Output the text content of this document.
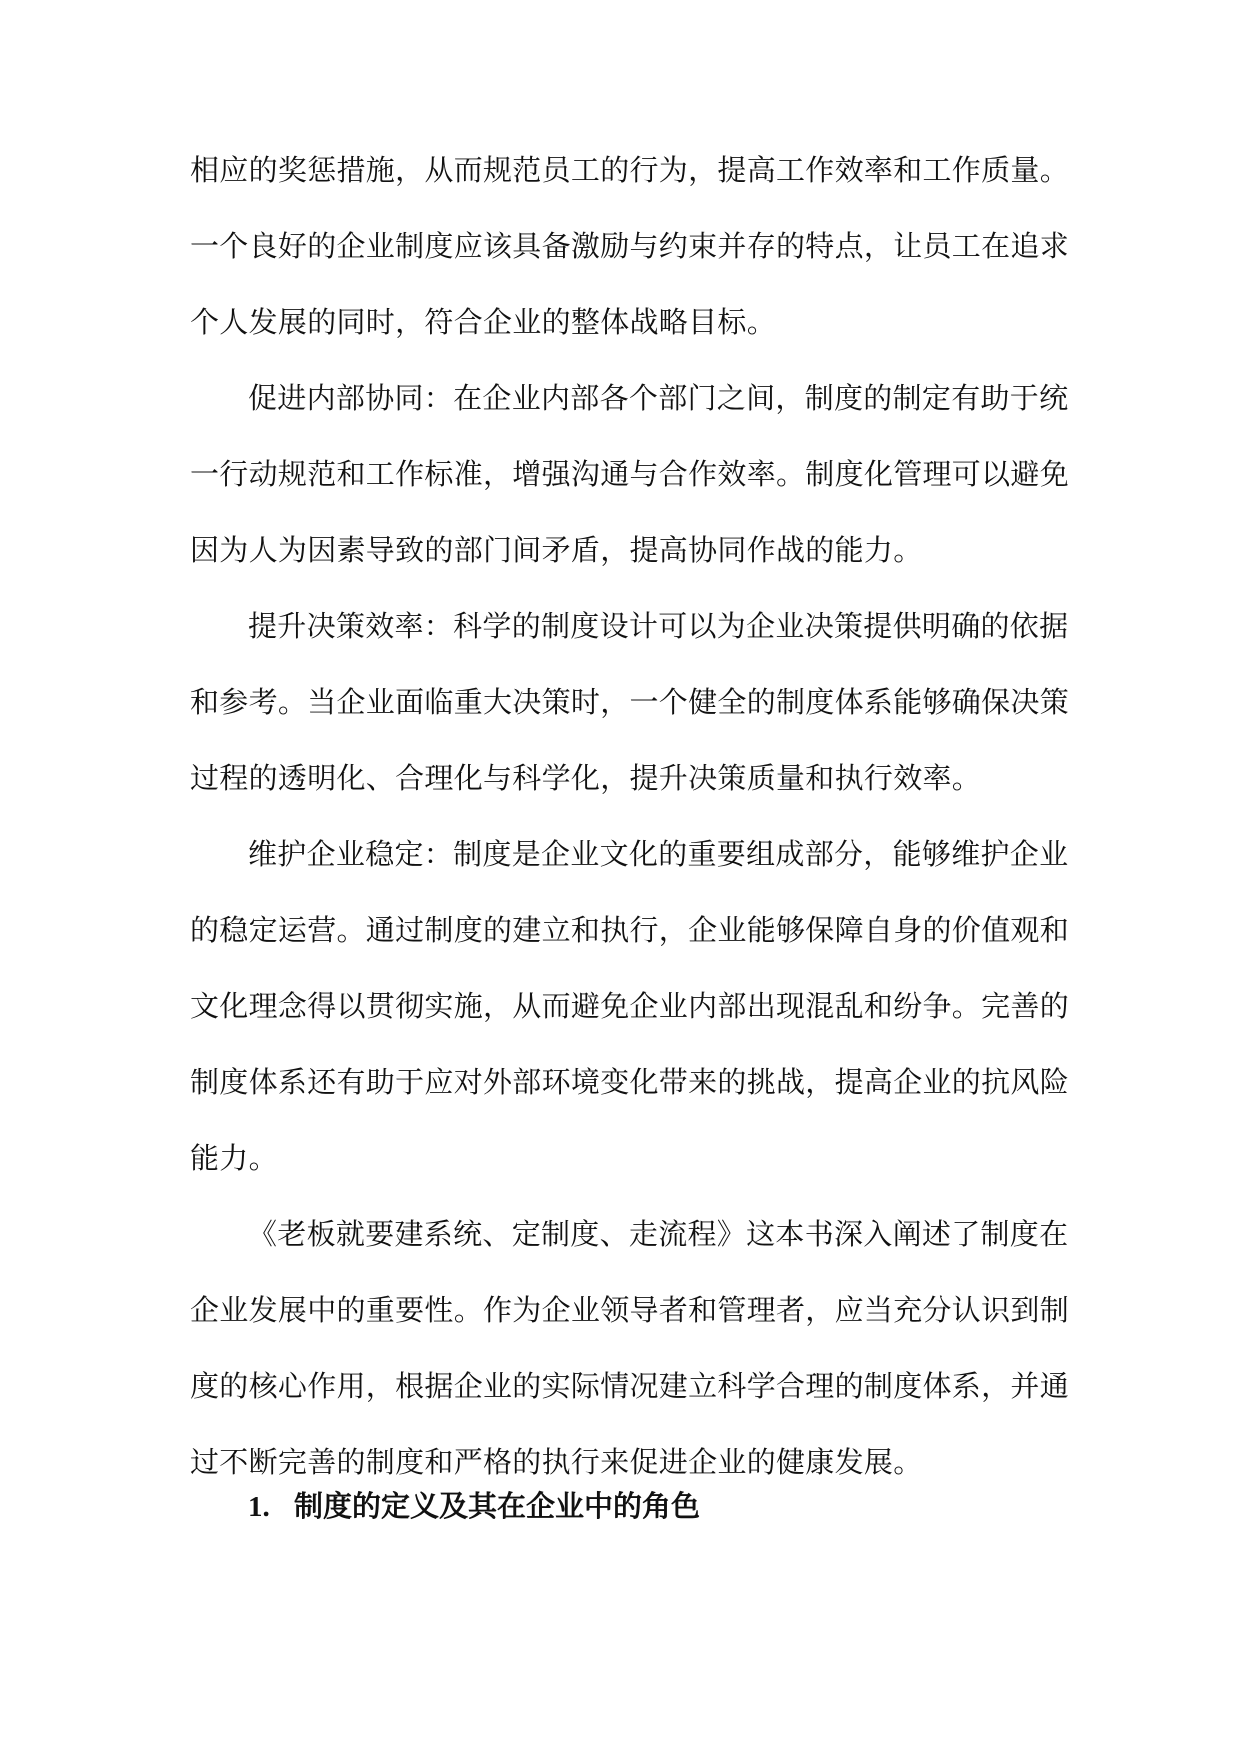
相应的奖惩措施，从而规范员工的行为，提高工作效率和工作质量。
一个良好的企业制度应该具备激励与约束并存的特点，让员工在追求
个人发展的同时，符合企业的整体战略目标。
促进内部协同：在企业内部各个部门之间，制度的制定有助于统
一行动规范和工作标准，增强沟通与合作效率。制度化管理可以避免
因为人为因素导致的部门间矛盾，提高协同作战的能力。
提升决策效率：科学的制度设计可以为企业决策提供明确的依据
和参考。当企业面临重大决策时，一个健全的制度体系能够确保决策
过程的透明化、合理化与科学化，提升决策质量和执行效率。
维护企业稳定：制度是企业文化的重要组成部分，能够维护企业
的稳定运营。通过制度的建立和执行，企业能够保障自身的价值观和
文化理念得以贯彻实施，从而避免企业内部出现混乱和纷争。完善的
制度体系还有助于应对外部环境变化带来的挑战，提高企业的抗风险
能力。
《老板就要建系统、定制度、走流程》这本书深入阐述了制度在
企业发展中的重要性。作为企业领导者和管理者，应当充分认识到制
度的核心作用，根据企业的实际情况建立科学合理的制度体系，并通
过不断完善的制度和严格的执行来促进企业的健康发展。
1. 制度的定义及其在企业中的角色
